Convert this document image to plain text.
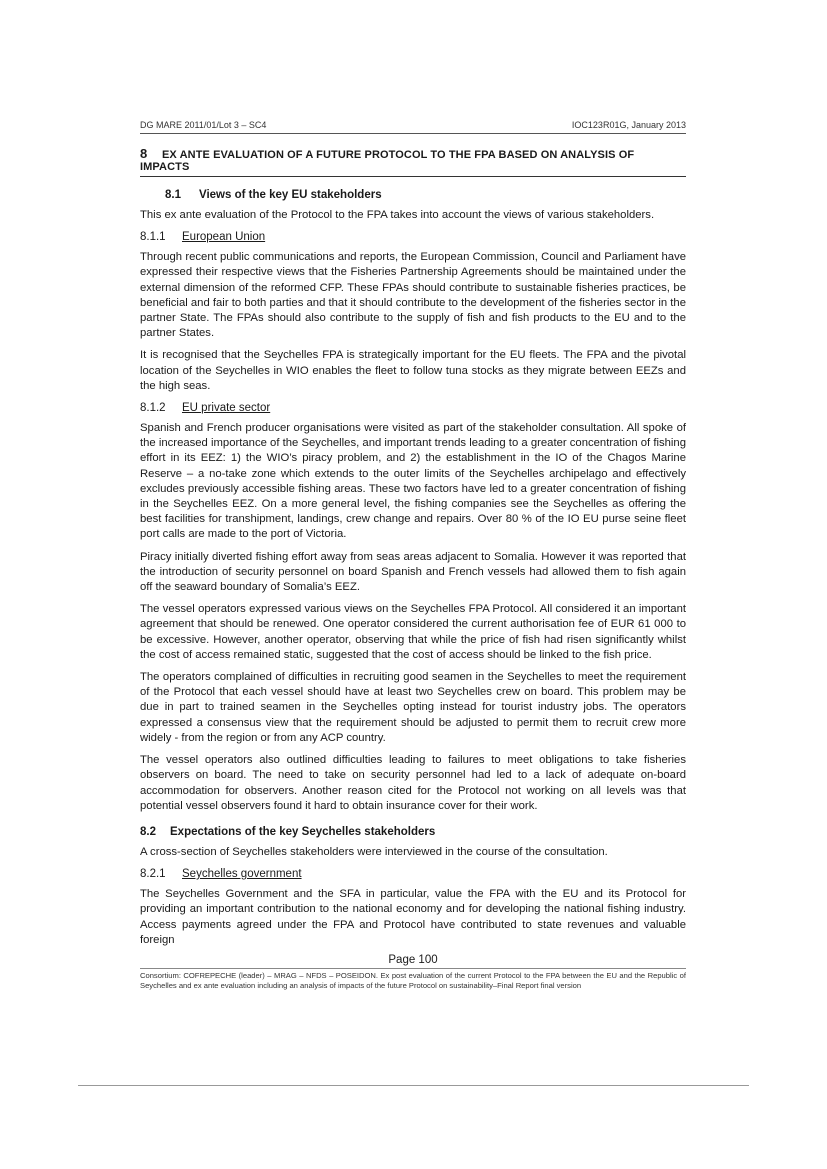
DG MARE 2011/01/Lot 3 – SC4	IOC123R01G, January 2013
8 EX ANTE EVALUATION OF A FUTURE PROTOCOL TO THE FPA BASED ON ANALYSIS OF IMPACTS
8.1 Views of the key EU stakeholders

This ex ante evaluation of the Protocol to the FPA takes into account the views of various stakeholders.

8.1.1 European Union

Through recent public communications and reports, the European Commission, Council and Parliament have expressed their respective views that the Fisheries Partnership Agreements should be maintained under the external dimension of the reformed CFP. These FPAs should contribute to sustainable fisheries practices, be beneficial and fair to both parties and that it should contribute to the development of the fisheries sector in the partner State. The FPAs should also contribute to the supply of fish and fish products to the EU and to the partner States.

It is recognised that the Seychelles FPA is strategically important for the EU fleets. The FPA and the pivotal location of the Seychelles in WIO enables the fleet to follow tuna stocks as they migrate between EEZs and the high seas.

8.1.2 EU private sector

Spanish and French producer organisations were visited as part of the stakeholder consultation. All spoke of the increased importance of the Seychelles, and important trends leading to a greater concentration of fishing effort in its EEZ: 1) the WIO’s piracy problem, and 2) the establishment in the IO of the Chagos Marine Reserve – a no-take zone which extends to the outer limits of the Seychelles archipelago and effectively excludes previously accessible fishing areas. These two factors have led to a greater concentration of fishing in the Seychelles EEZ. On a more general level, the fishing companies see the Seychelles as offering the best facilities for transhipment, landings, crew change and repairs. Over 80 % of the IO EU purse seine fleet port calls are made to the port of Victoria.

Piracy initially diverted fishing effort away from seas areas adjacent to Somalia. However it was reported that the introduction of security personnel on board Spanish and French vessels had allowed them to fish again off the seaward boundary of Somalia’s EEZ.

The vessel operators expressed various views on the Seychelles FPA Protocol. All considered it an important agreement that should be renewed. One operator considered the current authorisation fee of EUR 61 000 to be excessive. However, another operator, observing that while the price of fish had risen significantly whilst the cost of access remained static, suggested that the cost of access should be linked to the fish price.

The operators complained of difficulties in recruiting good seamen in the Seychelles to meet the requirement of the Protocol that each vessel should have at least two Seychelles crew on board. This problem may be due in part to trained seamen in the Seychelles opting instead for tourist industry jobs. The operators expressed a consensus view that the requirement should be adjusted to permit them to recruit crew more widely - from the region or from any ACP country.

The vessel operators also outlined difficulties leading to failures to meet obligations to take fisheries observers on board. The need to take on security personnel had led to a lack of adequate on-board accommodation for observers. Another reason cited for the Protocol not working on all levels was that potential vessel observers found it hard to obtain insurance cover for their work.

8.2 Expectations of the key Seychelles stakeholders

A cross-section of Seychelles stakeholders were interviewed in the course of the consultation.

8.2.1 Seychelles government

The Seychelles Government and the SFA in particular, value the FPA with the EU and its Protocol for providing an important contribution to the national economy and for developing the national fishing industry. Access payments agreed under the FPA and Protocol have contributed to state revenues and valuable foreign

Page 100
Consortium: COFREPECHE (leader) – MRAG – NFDS – POSEIDON. Ex post evaluation of the current Protocol to the FPA between the EU and the Republic of Seychelles and ex ante evaluation including an analysis of impacts of the future Protocol on sustainability–Final Report final version
